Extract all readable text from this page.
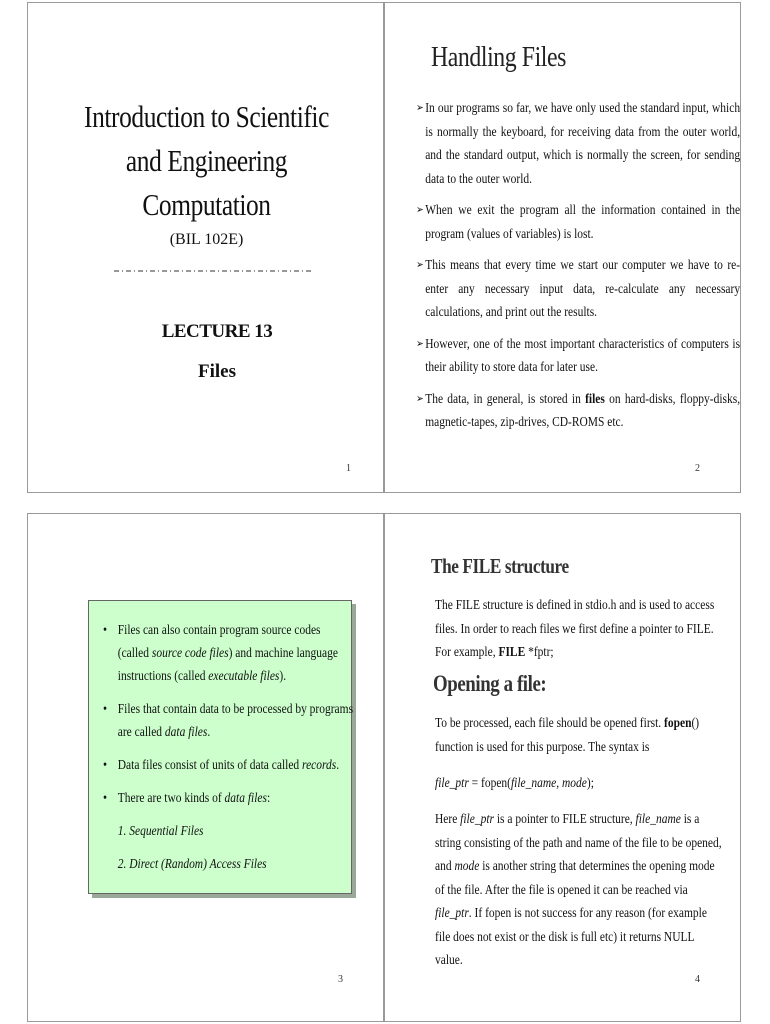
Introduction to Scientific
and Engineering
Computation
(BIL 102E)
LECTURE 13
Files
1
Handling Files
➢ In our programs so far, we have only used the standard input, which is normally the keyboard, for receiving data from the outer world, and the standard output, which is normally the screen, for sending data to the outer world.
➢ When we exit the program all the information contained in the program (values of variables) is lost.
➢ This means that every time we start our computer we have to re-enter any necessary input data, re-calculate any necessary calculations, and print out the results.
➢ However, one of the most important characteristics of computers is their ability to store data for later use.
➢ The data, in general, is stored in files on hard-disks, floppy-disks, magnetic-tapes, zip-drives, CD-ROMS etc.
2
• Files can also contain program source codes (called source code files) and machine language instructions (called executable files).
• Files that contain data to be processed by programs are called data files.
• Data files consist of units of data called records.
• There are two kinds of data files:
1. Sequential Files
2. Direct (Random) Access Files
3
The FILE structure
The FILE structure is defined in stdio.h and is used to access files. In order to reach files we first define a pointer to FILE. For example, FILE *fptr;
Opening a file:
To be processed, each file should be opened first. fopen() function is used for this purpose. The syntax is
file_ptr = fopen(file_name, mode);
Here file_ptr is a pointer to FILE structure, file_name is a string consisting of the path and name of the file to be opened, and mode is another string that determines the opening mode of the file. After the file is opened it can be reached via file_ptr. If fopen is not success for any reason (for example file does not exist or the disk is full etc) it returns NULL value.
4
